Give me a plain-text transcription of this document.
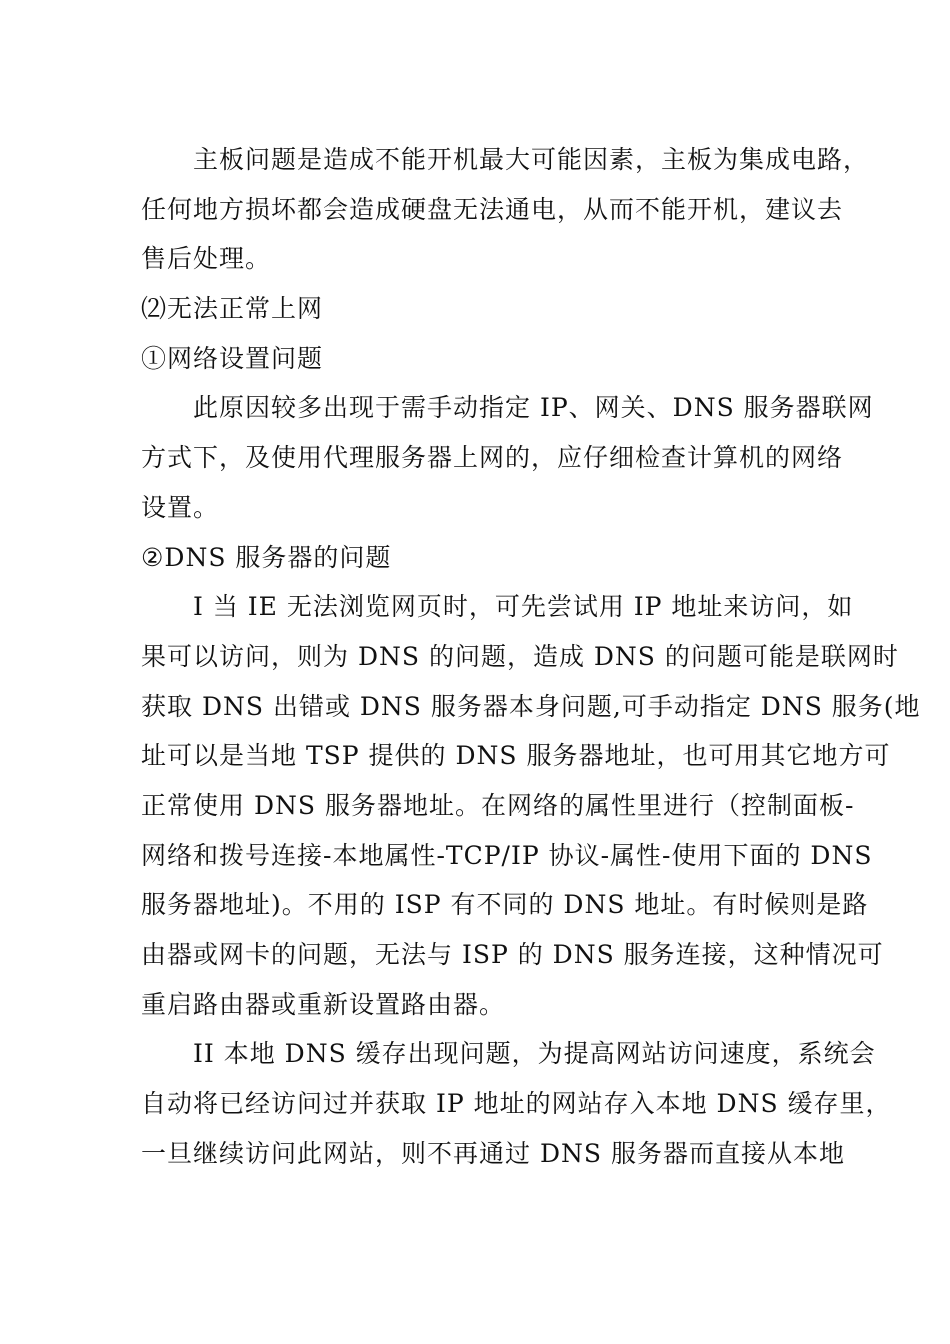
主板问题是造成不能开机最大可能因素，主板为集成电路，
任何地方损坏都会造成硬盘无法通电，从而不能开机，建议去
售后处理。
⑵无法正常上网
①网络设置问题
此原因较多出现于需手动指定 IP、网关、DNS 服务器联网
方式下，及使用代理服务器上网的，应仔细检查计算机的网络
设置。
②DNS 服务器的问题
I 当 IE 无法浏览网页时，可先尝试用 IP 地址来访问，如
果可以访问，则为 DNS 的问题，造成 DNS 的问题可能是联网时
获取 DNS 出错或 DNS 服务器本身问题,可手动指定 DNS 服务(地
址可以是当地 TSP 提供的 DNS 服务器地址，也可用其它地方可
正常使用 DNS 服务器地址。在网络的属性里进行（控制面板-
网络和拨号连接-本地属性-TCP/IP 协议-属性-使用下面的 DNS
服务器地址)。不用的 ISP 有不同的 DNS 地址。有时候则是路
由器或网卡的问题，无法与 ISP 的 DNS 服务连接，这种情况可
重启路由器或重新设置路由器。
II 本地 DNS 缓存出现问题，为提高网站访问速度，系统会
自动将已经访问过并获取 IP 地址的网站存入本地 DNS 缓存里，
一旦继续访问此网站，则不再通过 DNS 服务器而直接从本地
